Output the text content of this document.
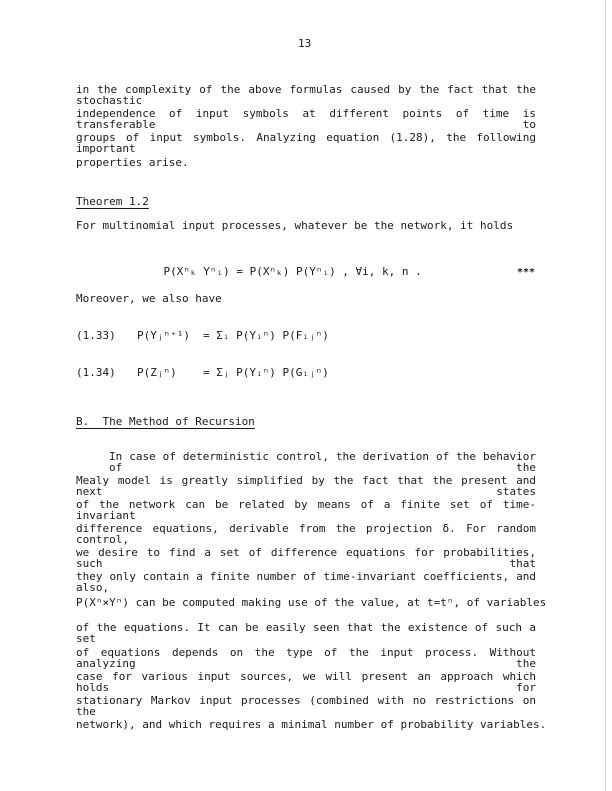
13
in the complexity of the above formulas caused by the fact that the stochastic
independence of input symbols at different points of time is transferable to
groups of input symbols. Analyzing equation (1.28), the following important
properties arise.
Theorem 1.2
For multinomial input processes, whatever be the network, it holds

P(Xⁿₖ Yⁿᵢ) = P(Xⁿₖ) P(Yⁿᵢ) , ∀i, k, n .
	***
Moreover, we also have
(1.33) P(Yⱼⁿ⁺¹) = Σᵢ P(Yᵢⁿ) P(Fᵢⱼⁿ)
(1.34) P(Zⱼⁿ) = Σⱼ P(Yᵢⁿ) P(Gᵢⱼⁿ)
B.  The Method of Recursion
In case of deterministic control, the derivation of the behavior of the
Mealy model is greatly simplified by the fact that the present and next states
of the network can be related by means of a finite set of time-invariant
difference equations, derivable from the projection δ. For random control,
we desire to find a set of difference equations for probabilities, such that
they only contain a finite number of time-invariant coefficients, and also,
P(Xⁿ×Yⁿ) can be computed making use of the value, at t=tⁿ, of variables
of the equations. It can be easily seen that the existence of such a set
of equations depends on the type of the input process. Without analyzing the
case for various input sources, we will present an approach which holds for
stationary Markov input processes (combined with no restrictions on the
network), and which requires a minimal number of probability variables.
